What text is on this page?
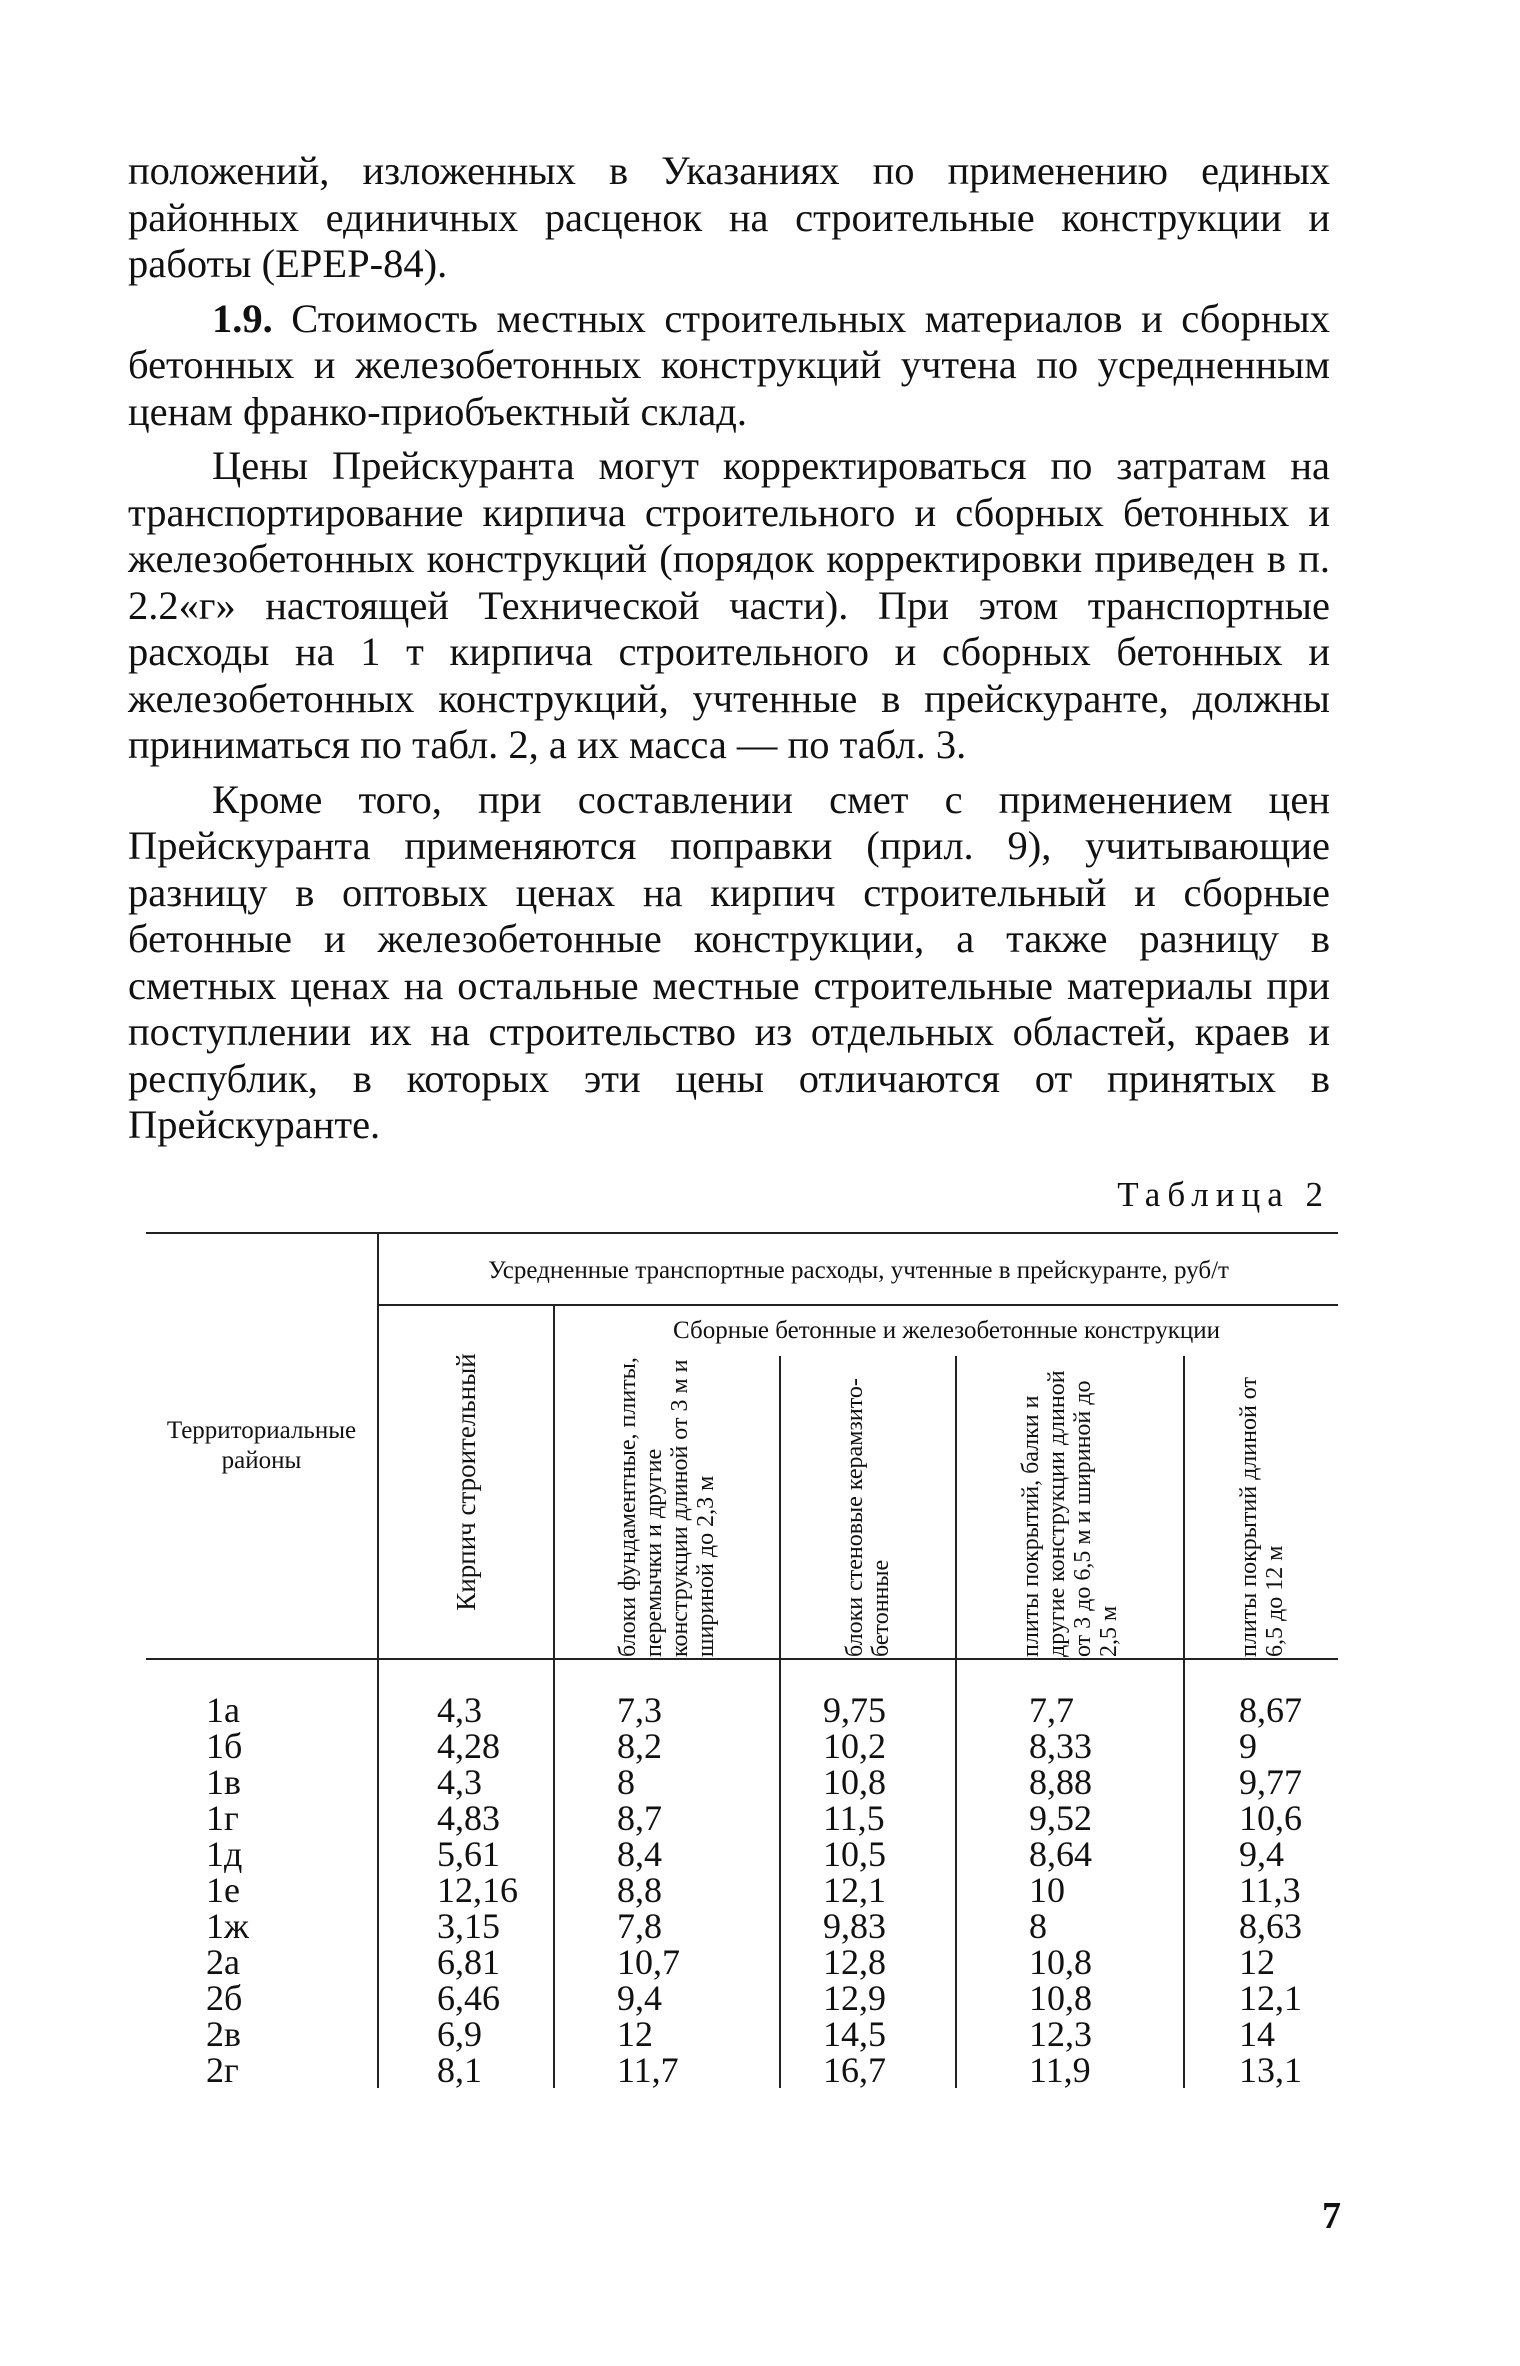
положений, изложенных в Указаниях по применению единых районных единичных расценок на строительные конструкции и работы (ЕРЕР-84).

1.9. Стоимость местных строительных материалов и сборных бетонных и железобетонных конструкций учтена по усредненным ценам франко-приобъектный склад.

Цены Прейскуранта могут корректироваться по затратам на транспортирование кирпича строительного и сборных бетонных и железобетонных конструкций (порядок корректировки приведен в п. 2.2«г» настоящей Технической части). При этом транспортные расходы на 1 т кирпича строительного и сборных бетонных и железобетонных конструкций, учтенные в прейскуранте, должны приниматься по табл. 2, а их масса — по табл. 3.

Кроме того, при составлении смет с применением цен Прейскуранта применяются поправки (прил. 9), учитывающие разницу в оптовых ценах на кирпич строительный и сборные бетонные и железобетонные конструкции, а также разницу в сметных ценах на остальные местные строительные материалы при поступлении их на строительство из отдельных областей, краев и республик, в которых эти цены отличаются от принятых в Прейскуранте.

Таблица 2
Территориальные районы	Усредненные транспортные расходы, учтенные в прейскуранте, руб/т				

	Кирпич строительный	Сборные бетонные и железобетонные конструкции			

		блоки фундаментные, плиты, перемычки и другие конструкции длиной от 3 м и шириной до 2,3 м	блоки стеновые керамзито-бетонные	плиты покрытий, балки и другие конструкции длиной от 3 до 6,5 м и шириной до 2,5 м	плиты покрытий длиной от 6,5 до 12 м

1а	4,3	7,3	9,75	7,7	8,67
1б	4,28	8,2	10,2	8,33	9
1в	4,3	8	10,8	8,88	9,77
1г	4,83	8,7	11,5	9,52	10,6
1д	5,61	8,4	10,5	8,64	9,4
1е	12,16	8,8	12,1	10	11,3
1ж	3,15	7,8	9,83	8	8,63
2а	6,81	10,7	12,8	10,8	12
2б	6,46	9,4	12,9	10,8	12,1
2в	6,9	12	14,5	12,3	14
2г	8,1	11,7	16,7	11,9	13,1
7
